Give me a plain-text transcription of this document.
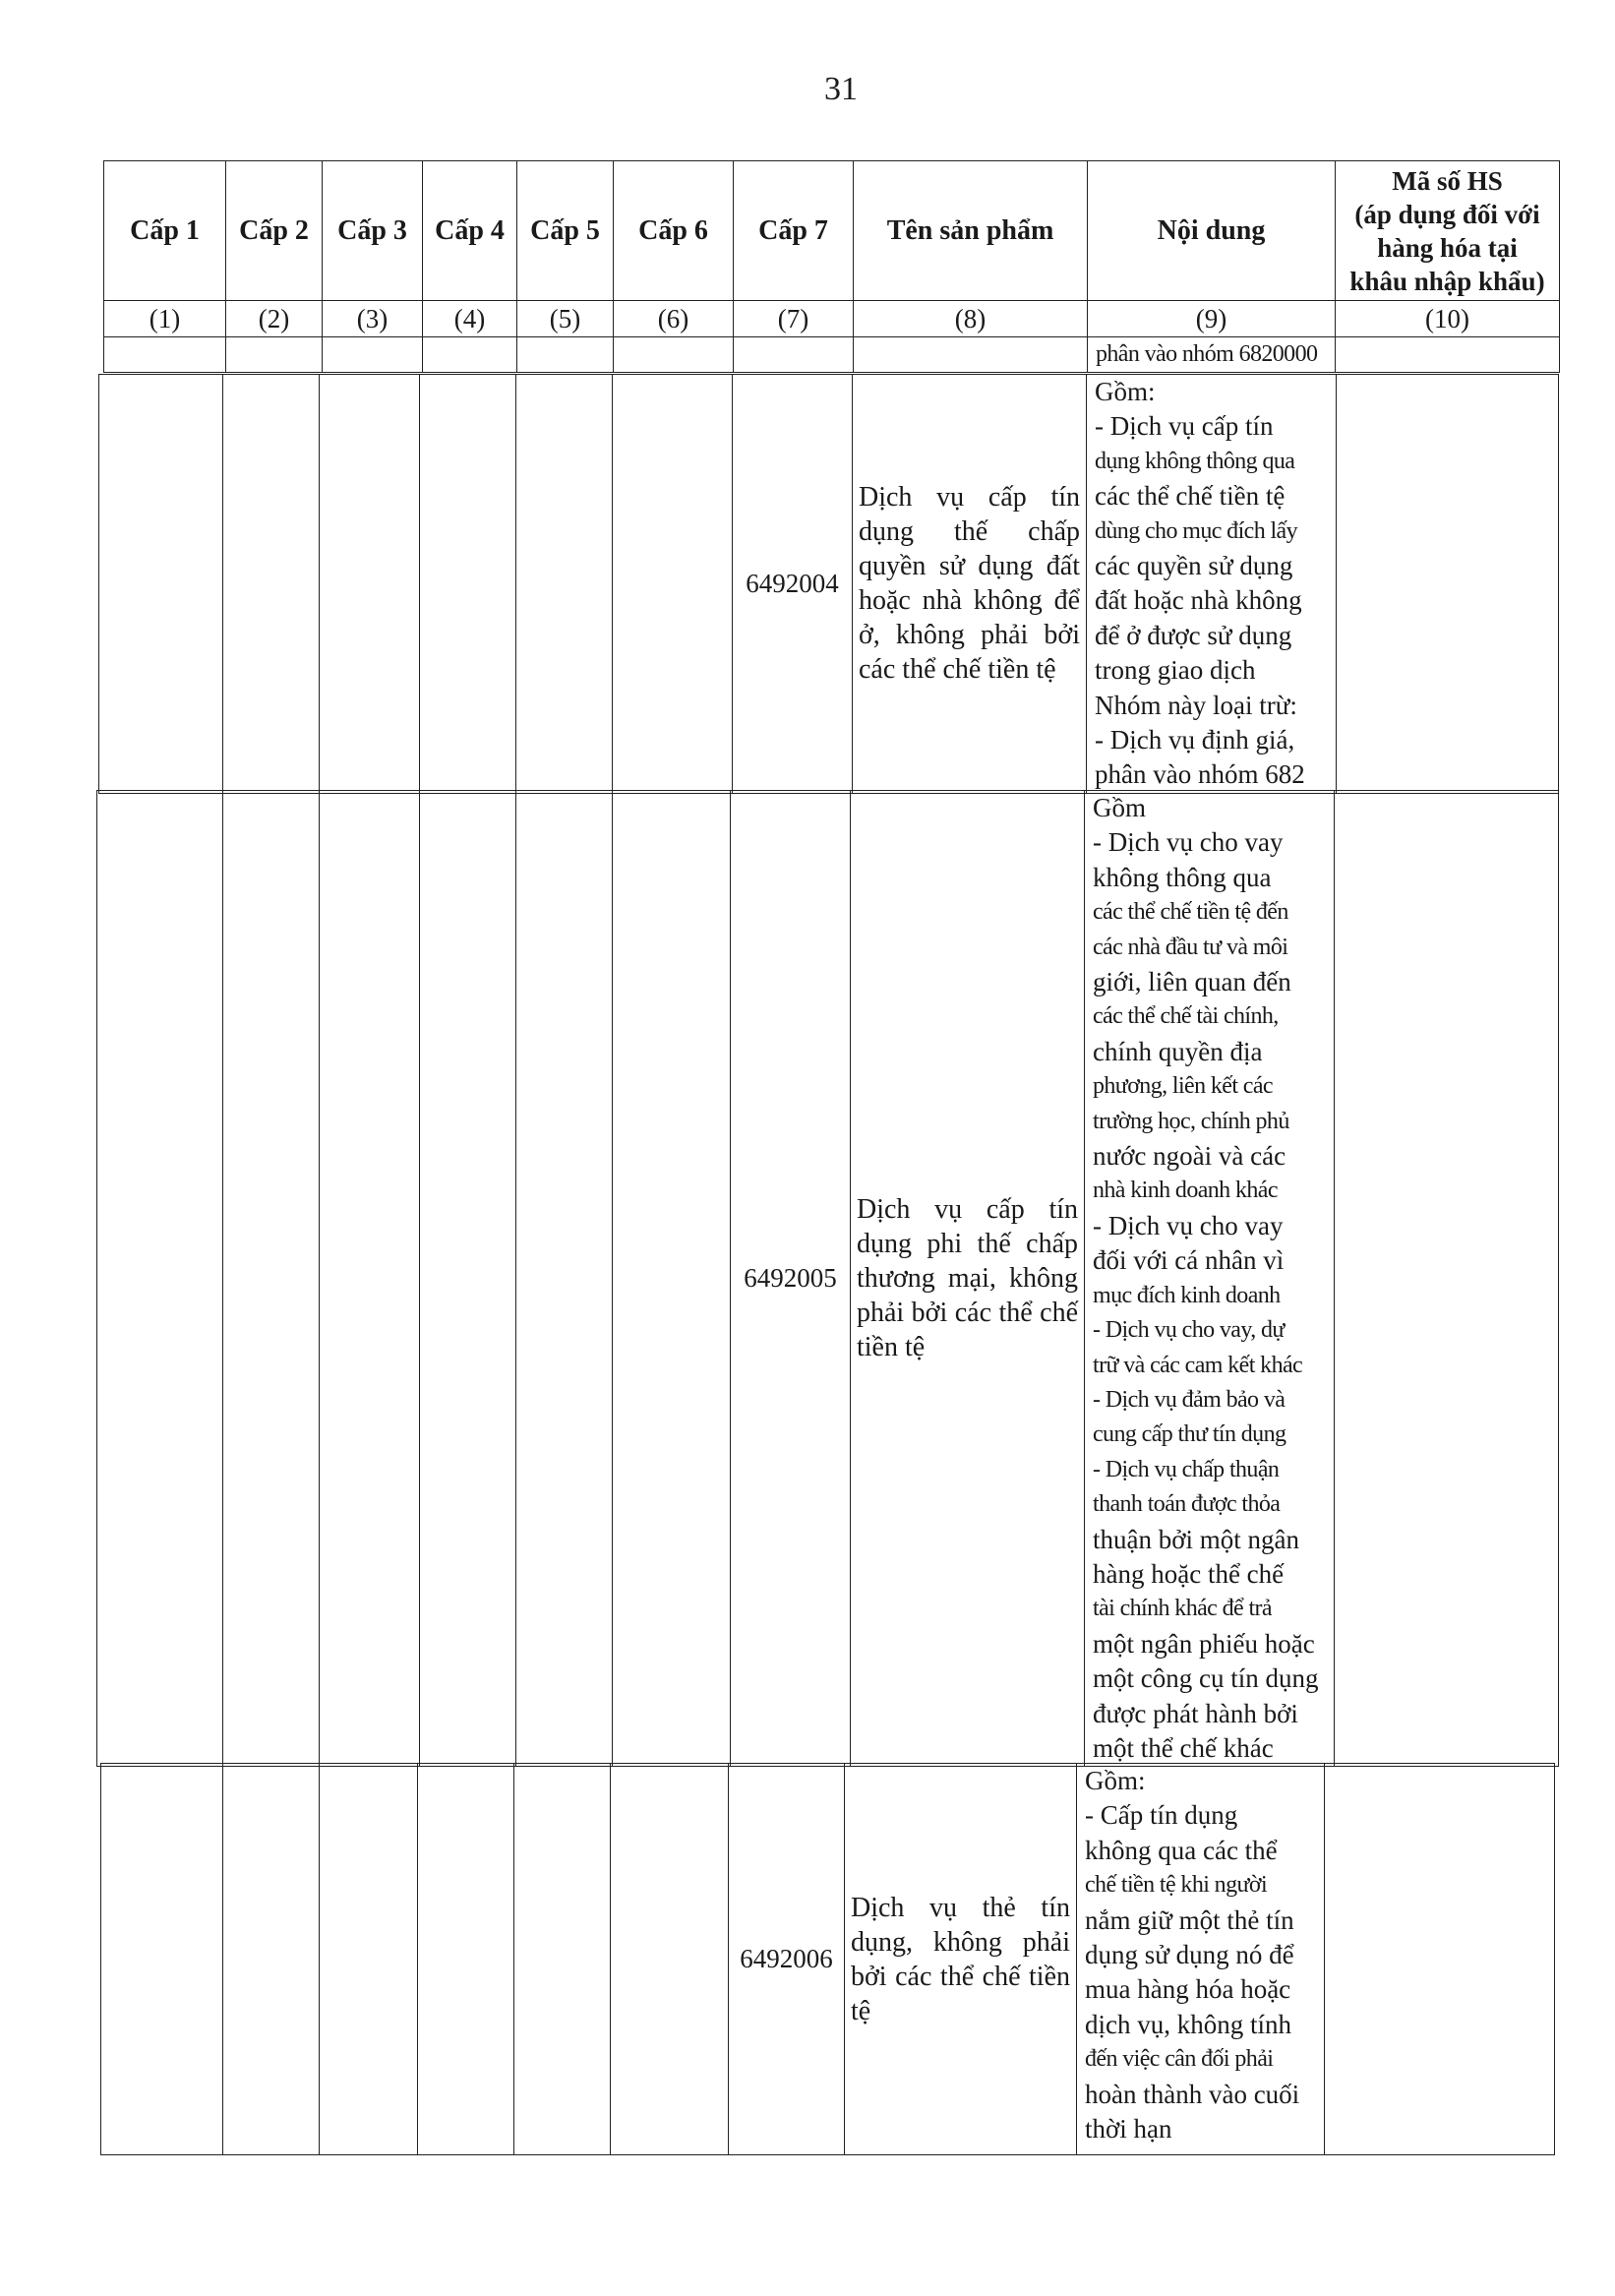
31
Cấp 1	Cấp 2	Cấp 3	Cấp 4	Cấp 5	Cấp 6	Cấp 7	Tên sản phẩm	Nội dung	Mã số HS
(áp dụng đối với
hàng hóa tại
khâu nhập khẩu)

(1)	(2)	(3)	(4)	(5)	(6)	(7)	(8)	(9)	(10)
								phân vào nhóm 6820000	
						6492004	Dịch vụ cấp tín dụng thế chấp quyền sử dụng đất hoặc nhà không để ở, không phải bởi các thể chế tiền tệ	
Gồm:
- Dịch vụ cấp tín
dụng không thông qua
các thể chế tiền tệ
dùng cho mục đích lấy
các quyền sử dụng
đất hoặc nhà không
để ở được sử dụng
trong giao dịch
Nhóm này loại trừ:
- Dịch vụ định giá,
phân vào nhóm 682

						6492005	Dịch vụ cấp tín dụng phi thế chấp thương mại, không phải bởi các thể chế tiền tệ	
Gồm
- Dịch vụ cho vay
không thông qua
các thể chế tiền tệ đến
các nhà đầu tư và môi
giới, liên quan đến
các thể chế tài chính,
chính quyền địa
phương, liên kết các
trường học, chính phủ
nước ngoài và các
nhà kinh doanh khác
- Dịch vụ cho vay
đối với cá nhân vì
mục đích kinh doanh
- Dịch vụ cho vay, dự
trữ và các cam kết khác
- Dịch vụ đảm bảo và
cung cấp thư tín dụng
- Dịch vụ chấp thuận
thanh toán được thỏa
thuận bởi một ngân
hàng hoặc thể chế
tài chính khác để trả
một ngân phiếu hoặc
một công cụ tín dụng
được phát hành bởi
một thể chế khác

						6492006	Dịch vụ thẻ tín dụng, không phải bởi các thể chế tiền tệ	
Gồm:
- Cấp tín dụng
không qua các thể
chế tiền tệ khi người
nắm giữ một thẻ tín
dụng sử dụng nó để
mua hàng hóa hoặc
dịch vụ, không tính
đến việc cân đối phải
hoàn thành vào cuối
thời hạn
